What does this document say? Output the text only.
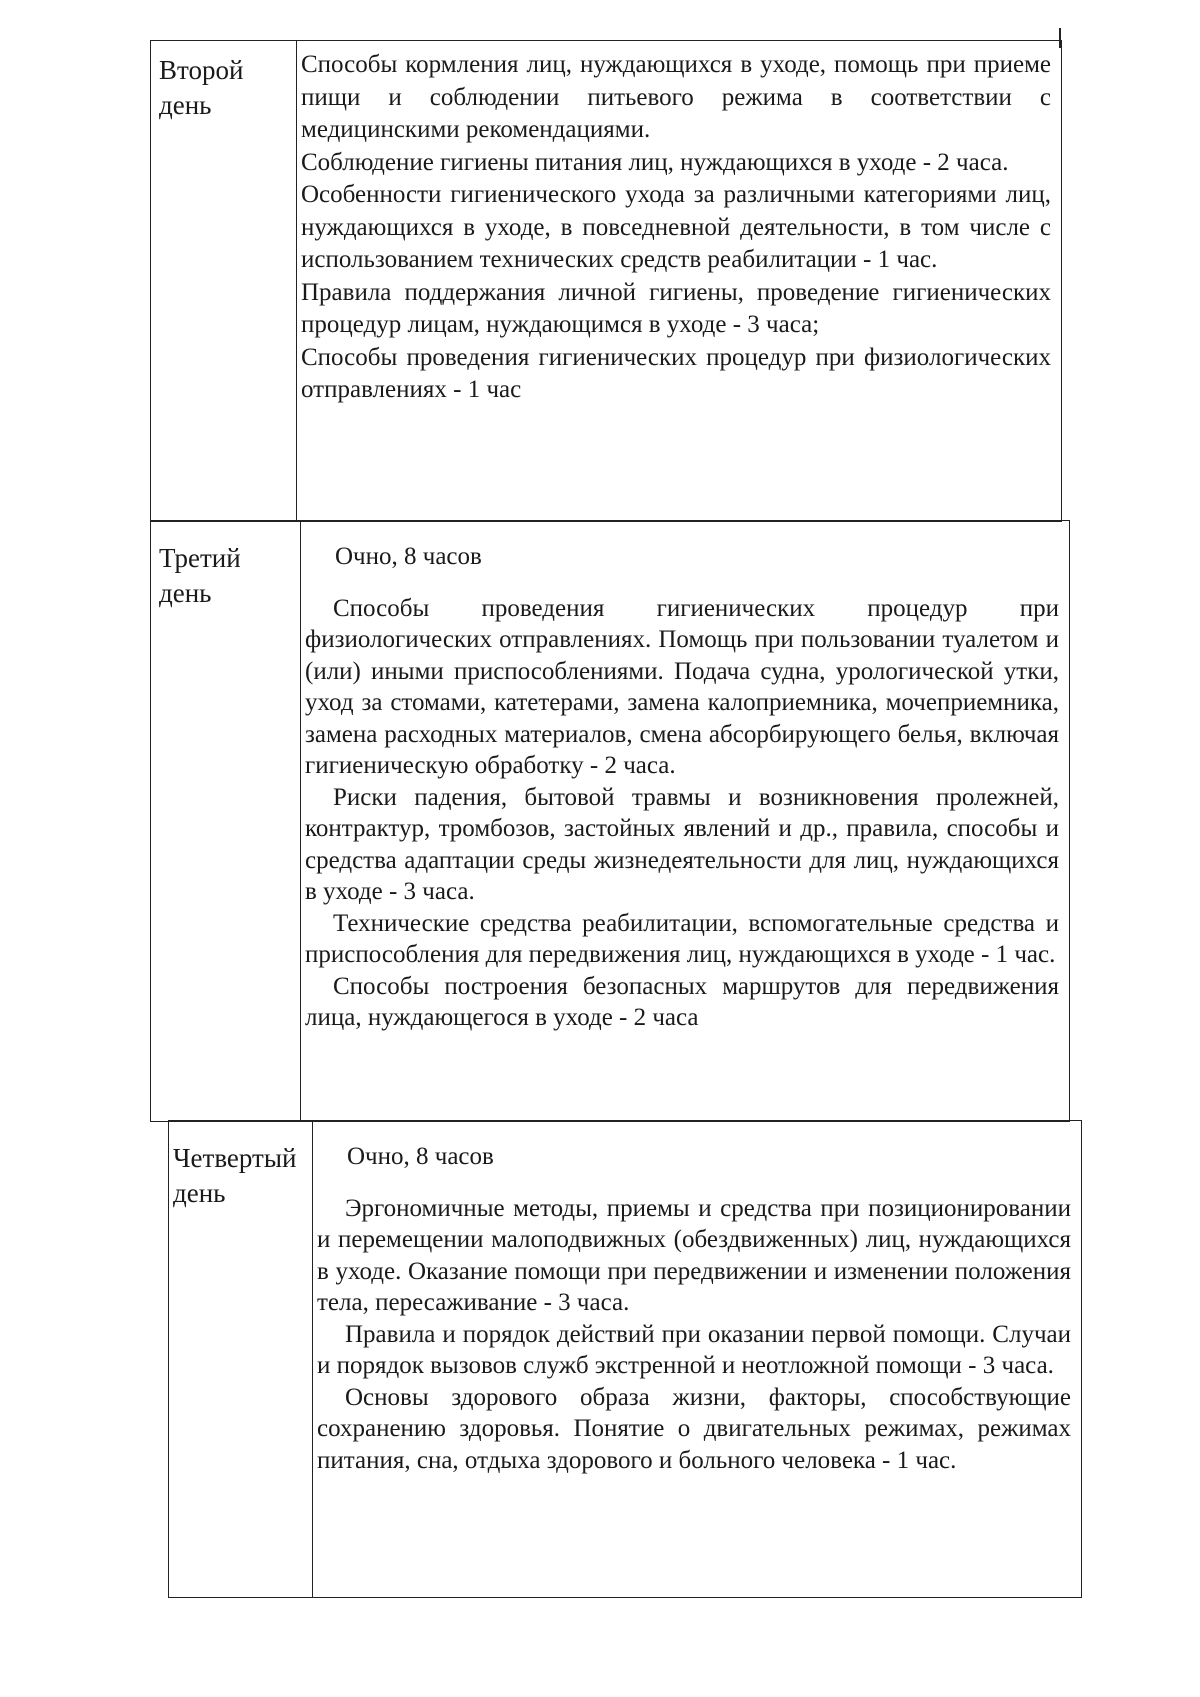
Второй
день

Способы кормления лиц, нуждающихся в уходе, помощь при приеме пищи и соблюдении питьевого режима в соответствии с медицинскими рекомендациями.

Соблюдение гигиены питания лиц, нуждающихся в уходе - 2 часа.

Особенности гигиенического ухода за различными категориями лиц, нуждающихся в уходе, в повседневной деятельности, в том числе с использованием технических средств реабилитации - 1 час.

Правила поддержания личной гигиены, проведение гигиенических процедур лицам, нуждающимся в уходе - 3 часа;

Способы проведения гигиенических процедур при физиологических отправлениях - 1 час

Третий
день

Очно, 8 часов

Способы проведения гигиенических процедур при физиологических отправлениях. Помощь при пользовании туалетом и (или) иными приспособлениями. Подача судна, урологической утки, уход за стомами, катетерами, замена калоприемника, мочеприемника, замена расходных материалов, смена абсорбирующего белья, включая гигиеническую обработку - 2 часа.

Риски падения, бытовой травмы и возникновения пролежней, контрактур, тромбозов, застойных явлений и др., правила, способы и средства адаптации среды жизнедеятельности для лиц, нуждающихся в уходе - 3 часа.

Технические средства реабилитации, вспомогательные средства и приспособления для передвижения лиц, нуждающихся в уходе - 1 час.

Способы построения безопасных маршрутов для передвижения лица, нуждающегося в уходе - 2 часа

Четвертый
день

Очно, 8 часов

Эргономичные методы, приемы и средства при позиционировании и перемещении малоподвижных (обездвиженных) лиц, нуждающихся в уходе. Оказание помощи при передвижении и изменении положения тела, пересаживание - 3 часа.

Правила и порядок действий при оказании первой помощи. Случаи и порядок вызовов служб экстренной и неотложной помощи - 3 часа.

Основы здорового образа жизни, факторы, способствующие сохранению здоровья. Понятие о двигательных режимах, режимах питания, сна, отдыха здорового и больного человека - 1 час.
